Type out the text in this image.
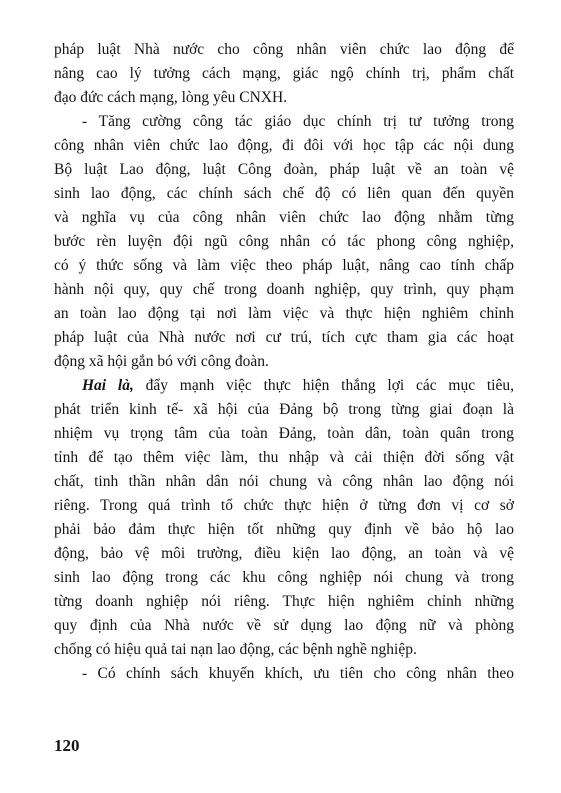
pháp luật Nhà nước cho công nhân viên chức lao động để
nâng cao lý tưởng cách mạng, giác ngộ chính trị, phẩm chất
đạo đức cách mạng, lòng yêu CNXH.
- Tăng cường công tác giáo dục chính trị tư tưởng trong
công nhân viên chức lao động, đi đôi với học tập các nội dung
Bộ luật Lao động, luật Công đoàn, pháp luật về an toàn vệ
sinh lao động, các chính sách chế độ có liên quan đến quyền
và nghĩa vụ của công nhân viên chức lao động nhằm từng
bước rèn luyện đội ngũ công nhân có tác phong công nghiệp,
có ý thức sống và làm việc theo pháp luật, nâng cao tính chấp
hành nội quy, quy chế trong doanh nghiệp, quy trình, quy phạm
an toàn lao động tại nơi làm việc và thực hiện nghiêm chỉnh
pháp luật của Nhà nước nơi cư trú, tích cực tham gia các hoạt
động xã hội gắn bó với công đoàn.
Hai là, đẩy mạnh việc thực hiện thắng lợi các mục tiêu,
phát triển kinh tế- xã hội của Đảng bộ trong từng giai đoạn là
nhiệm vụ trọng tâm của toàn Đảng, toàn dân, toàn quân trong
tỉnh để tạo thêm việc làm, thu nhập và cải thiện đời sống vật
chất, tinh thần nhân dân nói chung và công nhân lao động nói
riêng. Trong quá trình tổ chức thực hiện ở từng đơn vị cơ sở
phải bảo đảm thực hiện tốt những quy định về bảo hộ lao
động, bảo vệ môi trường, điều kiện lao động, an toàn và vệ
sinh lao động trong các khu công nghiệp nói chung và trong
từng doanh nghiệp nói riêng. Thực hiện nghiêm chỉnh những
quy định của Nhà nước về sử dụng lao động nữ và phòng
chống có hiệu quả tai nạn lao động, các bệnh nghề nghiệp.
- Có chính sách khuyến khích, ưu tiên cho công nhân theo
120
